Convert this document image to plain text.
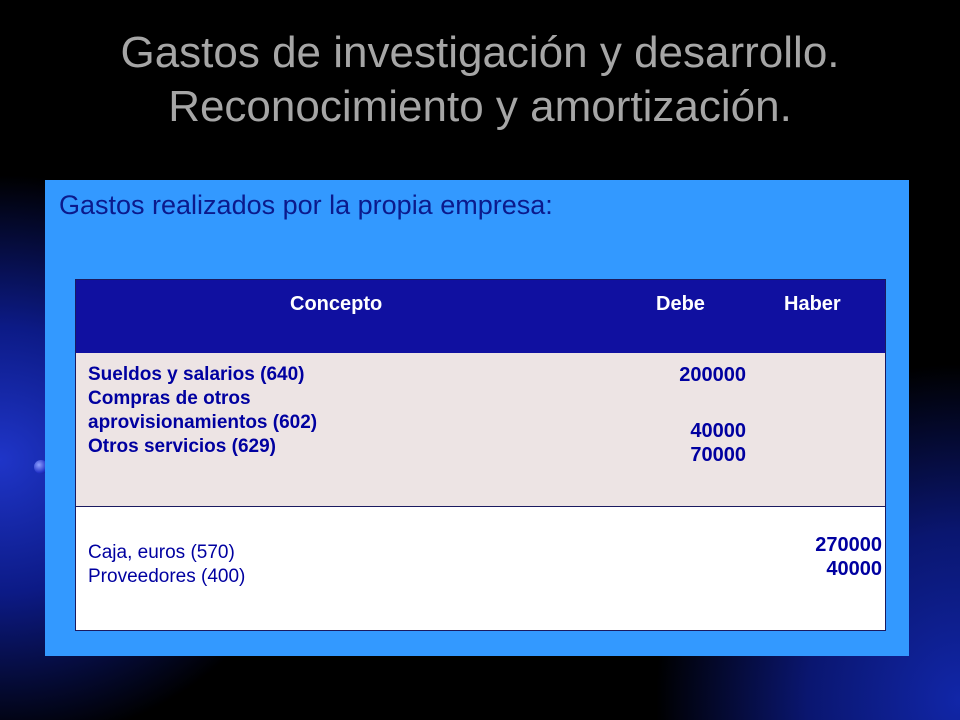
Gastos de investigación y desarrollo.
Reconocimiento y amortización.
Gastos realizados por la propia empresa:
Concepto	Debe	Haber
Sueldos y salarios (640)
Compras de otros aprovisionamientos (602)
Otros servicios (629)
200000
40000
70000
Caja, euros (570)
Proveedores (400)
270000
40000
